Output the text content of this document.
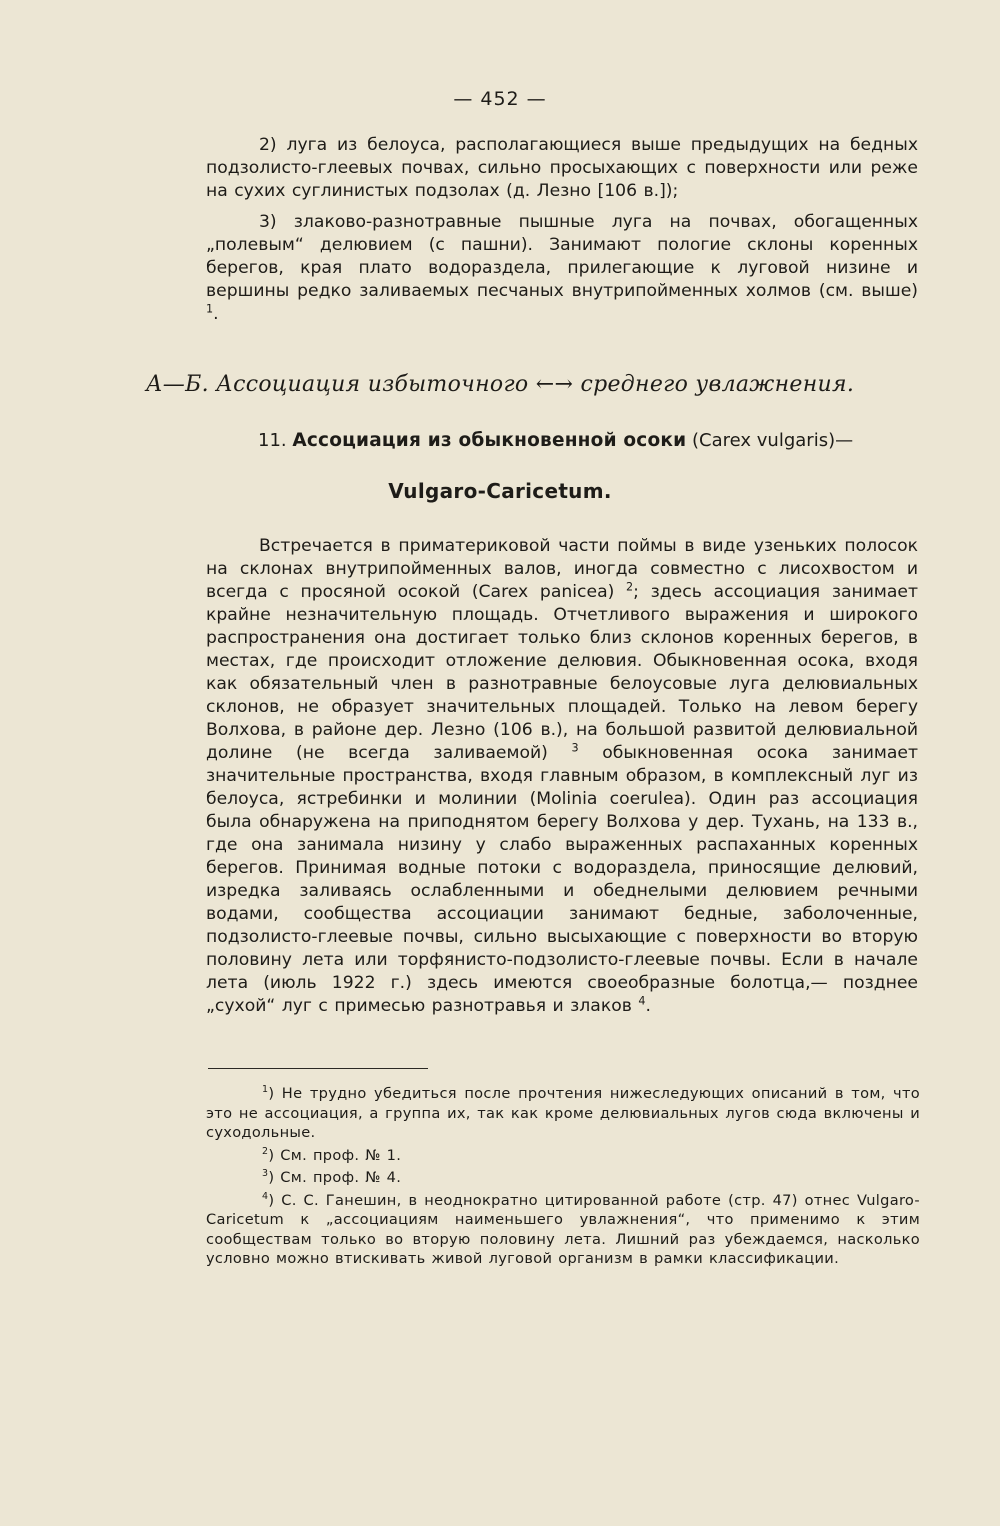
— 452 —

2) луга из белоуса, располагающиеся выше предыдущих на бедных подзолисто-глеевых почвах, сильно просыхающих с поверхности или реже на сухих суглинистых подзолах (д. Лезно [106 в.]);

3) злаково-разнотравные пышные луга на почвах, обогащенных „полевым“ делювием (с пашни). Занимают пологие склоны коренных берегов, края плато водораздела, прилегающие к луговой низине и вершины редко заливаемых песчаных внутрипойменных холмов (см. выше) $^1$.

А—Б. Ассоциация избыточного ←→ среднего увлажнения.
11. Ассоциация из обыкновенной осоки (Carex vulgaris)—
Vulgaro-Caricetum.

Встречается в приматериковой части поймы в виде узеньких полосок на склонах внутрипойменных валов, иногда совместно с лисохвостом и всегда с просяной осокой (Carex panicea) $^2$; здесь ассоциация занимает крайне незначительную площадь. Отчетливого выражения и широкого распространения она достигает только близ склонов коренных берегов, в местах, где происходит отложение делювия. Обыкновенная осока, входя как обязательный член в разнотравные белоусовые луга делювиальных склонов, не образует значительных площадей. Только на левом берегу Волхова, в районе дер. Лезно (106 в.), на большой развитой делювиальной долине (не всегда заливаемой) $^3$ обыкновенная осока занимает значительные пространства, входя главным образом, в комплексный луг из белоуса, ястребинки и молинии (Molinia coerulea). Один раз ассоциация была обнаружена на приподнятом берегу Волхова у дер. Тухань, на 133 в., где она занимала низину у слабо выраженных распаханных коренных берегов. Принимая водные потоки с водораздела, приносящие делювий, изредка заливаясь ослабленными и обеднелыми делювием речными водами, сообщества ассоциации занимают бедные, заболоченные, подзолисто-глеевые почвы, сильно высыхающие с поверхности во вторую половину лета или торфянисто-подзолисто-глеевые почвы. Если в начале лета (июль 1922 г.) здесь имеются своеобразные болотца,— позднее „сухой“ луг с примесью разнотравья и злаков $^4$.

$^1$) Не трудно убедиться после прочтения нижеследующих описаний в том, что это не ассоциация, а группа их, так как кроме делювиальных лугов сюда включены и суходольные.

$^2$) См. проф. № 1.

$^3$) См. проф. № 4.

$^4$) С. С. Ганешин, в неоднократно цитированной работе (стр. 47) отнес Vulgaro-Caricetum к „ассоциациям наименьшего увлажнения“, что применимо к этим сообществам только во вторую половину лета. Лишний раз убеждаемся, насколько условно можно втискивать живой луговой организм в рамки классификации.
